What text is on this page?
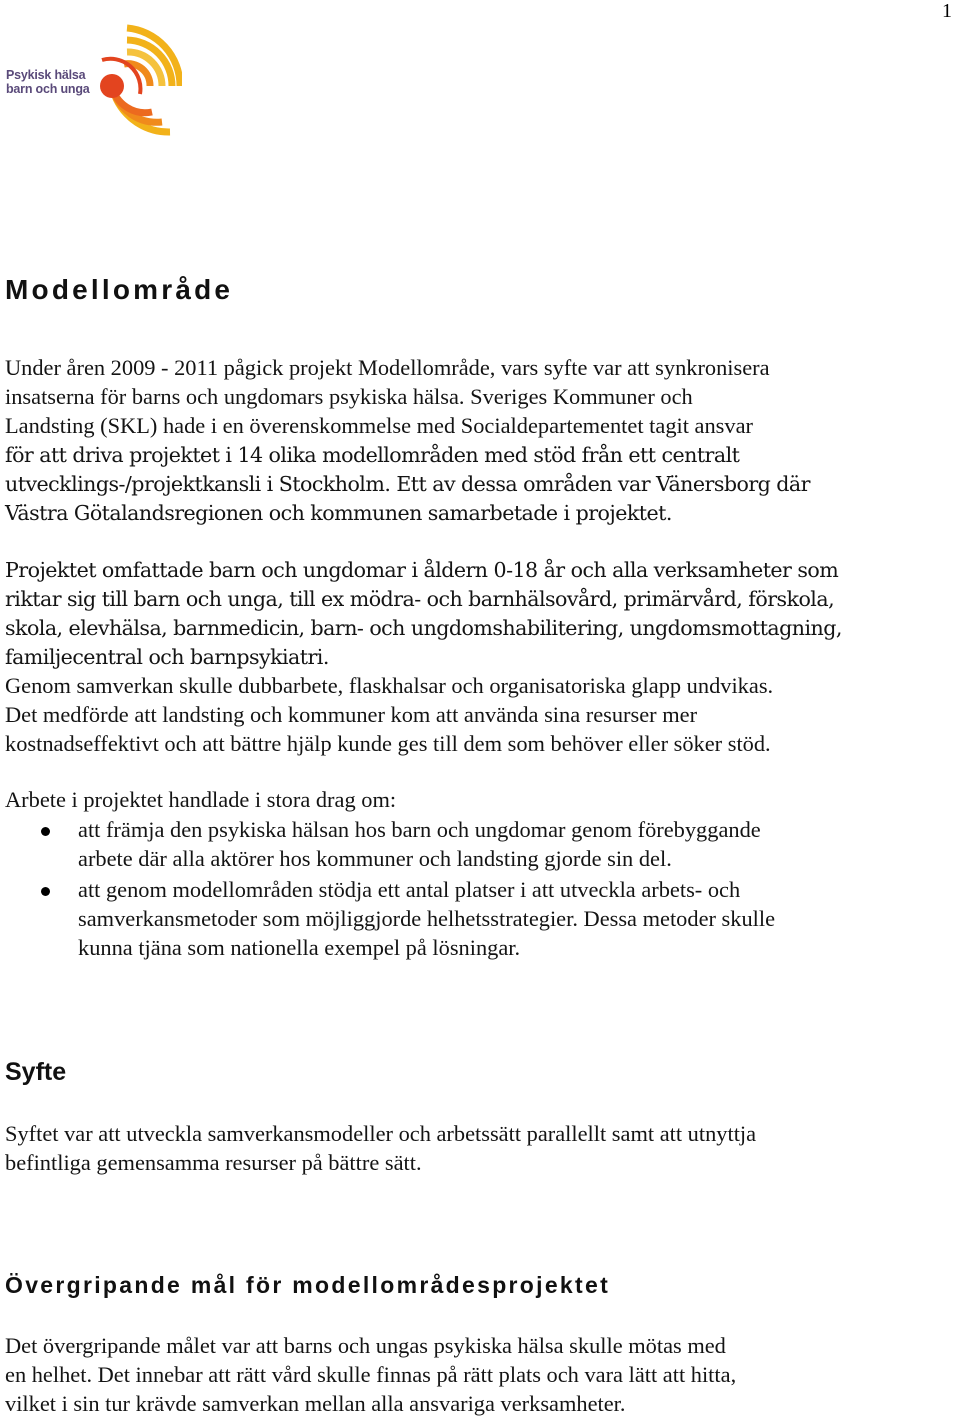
1
Psykisk hälsa
barn och unga
Modellområde

Under åren 2009 - 2011 pågick projekt Modellområde, vars syfte var att synkronisera
insatserna för barns och ungdomars psykiska hälsa. Sveriges Kommuner och
Landsting (SKL) hade i en överenskommelse med Socialdepartementet tagit ansvar
för att driva projektet i 14 olika modellområden med stöd från ett centralt
utvecklings-/projektkansli i Stockholm. Ett av dessa områden var Vänersborg där
Västra Götalandsregionen och kommunen samarbetade i projektet.

Projektet omfattade barn och ungdomar i åldern 0-18 år och alla verksamheter som
riktar sig till barn och unga, till ex mödra- och barnhälsovård, primärvård, förskola,
skola, elevhälsa, barnmedicin, barn- och ungdomshabilitering, ungdomsmottagning,
familjecentral och barnpsykiatri.

Genom samverkan skulle dubbarbete, flaskhalsar och organisatoriska glapp undvikas.
Det medförde att landsting och kommuner kom att använda sina resurser mer
kostnadseffektivt och att bättre hjälp kunde ges till dem som behöver eller söker stöd.

Arbete i projektet handlade i stora drag om:

att främja den psykiska hälsan hos barn och ungdomar genom förebyggande
arbete där alla aktörer hos kommuner och landsting gjorde sin del.
att genom modellområden stödja ett antal platser i att utveckla arbets- och
samverkansmetoder som möjliggjorde helhetsstrategier. Dessa metoder skulle
kunna tjäna som nationella exempel på lösningar.
Syfte

Syftet var att utveckla samverkansmodeller och arbetssätt parallellt samt att utnyttja
befintliga gemensamma resurser på bättre sätt.

Övergripande mål för modellområdesprojektet

Det övergripande målet var att barns och ungas psykiska hälsa skulle mötas med
en helhet. Det innebar att rätt vård skulle finnas på rätt plats och vara lätt att hitta,
vilket i sin tur krävde samverkan mellan alla ansvariga verksamheter.
